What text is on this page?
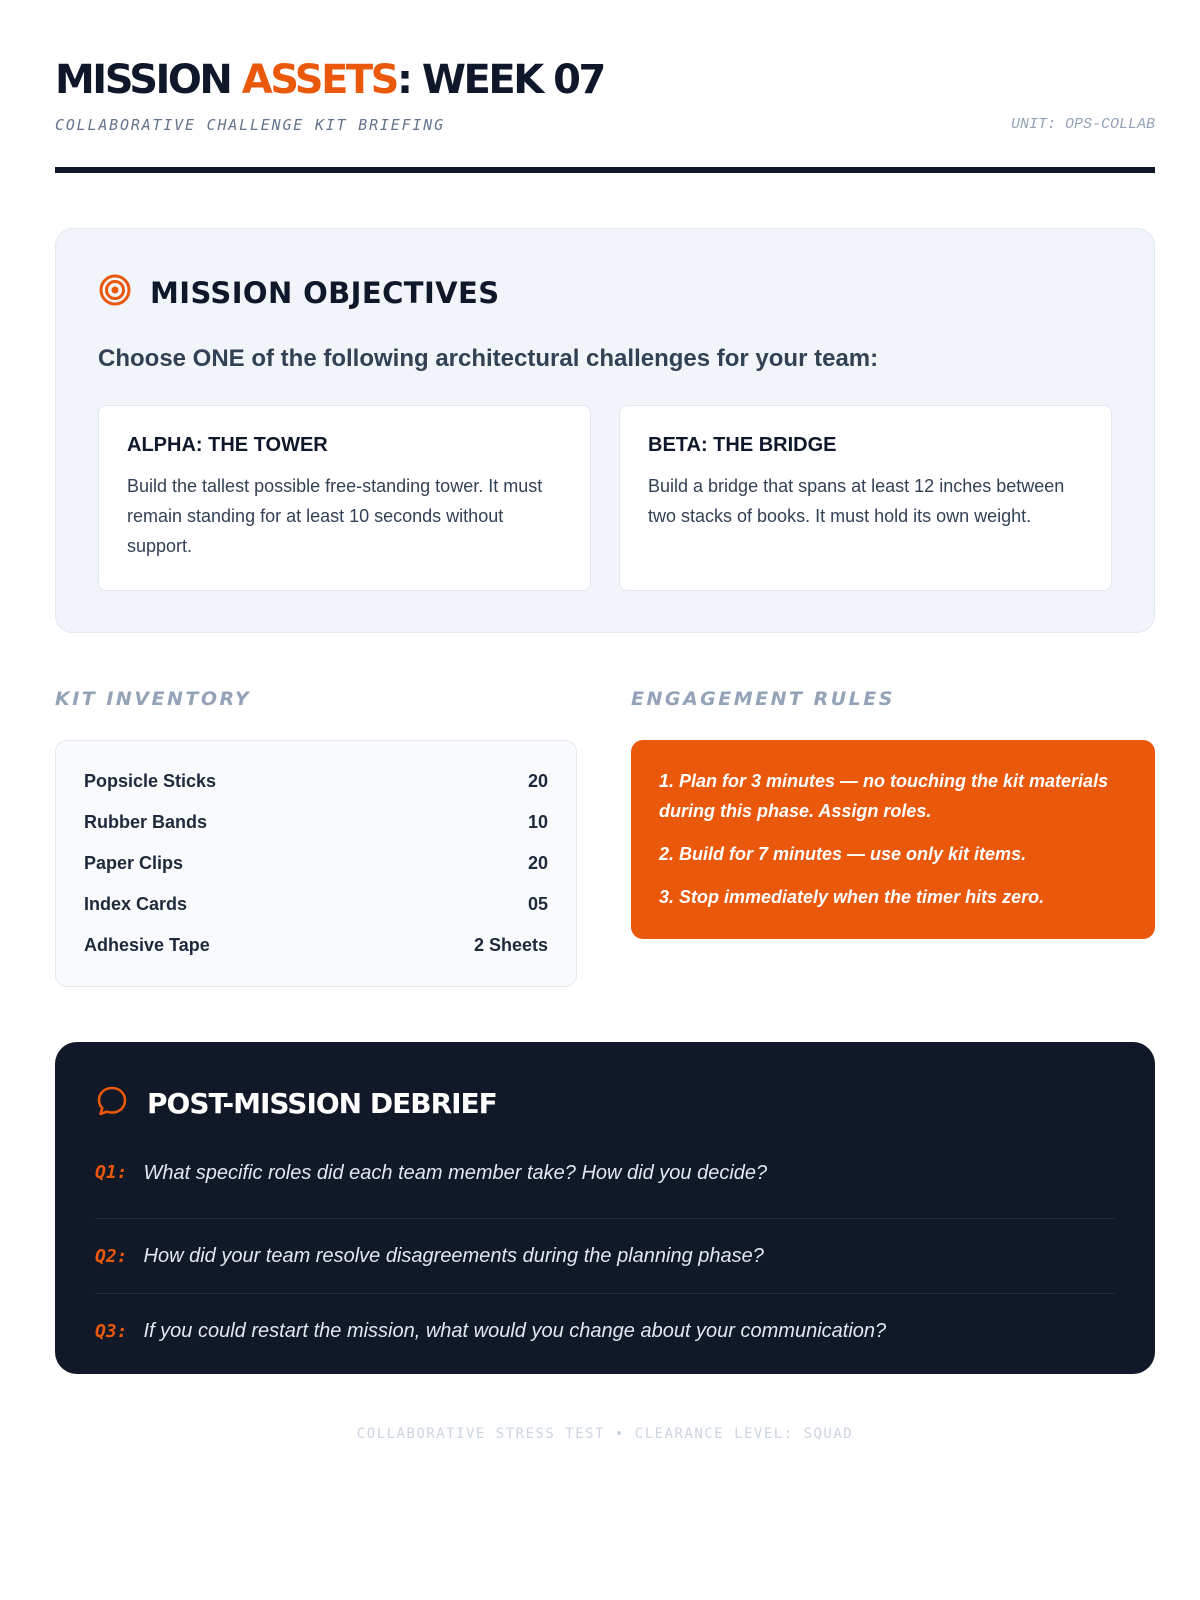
MISSION ASSETS: WEEK 07
COLLABORATIVE CHALLENGE KIT BRIEFING	UNIT: OPS-COLLAB
MISSION OBJECTIVES
Choose ONE of the following architectural challenges for your team:
ALPHA: THE TOWER

Build the tallest possible free-standing tower. It must remain standing for at least 10 seconds without support.

BETA: THE BRIDGE

Build a bridge that spans at least 12 inches between two stacks of books. It must hold its own weight.

KIT INVENTORY	ENGAGEMENT RULES
Popsicle Sticks	20
Rubber Bands	10
Paper Clips	20
Index Cards	05
Adhesive Tape	2 Sheets
1. Plan for 3 minutes — no touching the kit materials during this phase. Assign roles.
2. Build for 7 minutes — use only kit items.
3. Stop immediately when the timer hits zero.
POST-MISSION DEBRIEF
Q1: What specific roles did each team member take? How did you decide?
Q2: How did your team resolve disagreements during the planning phase?
Q3: If you could restart the mission, what would you change about your communication?
COLLABORATIVE STRESS TEST • CLEARANCE LEVEL: SQUAD
